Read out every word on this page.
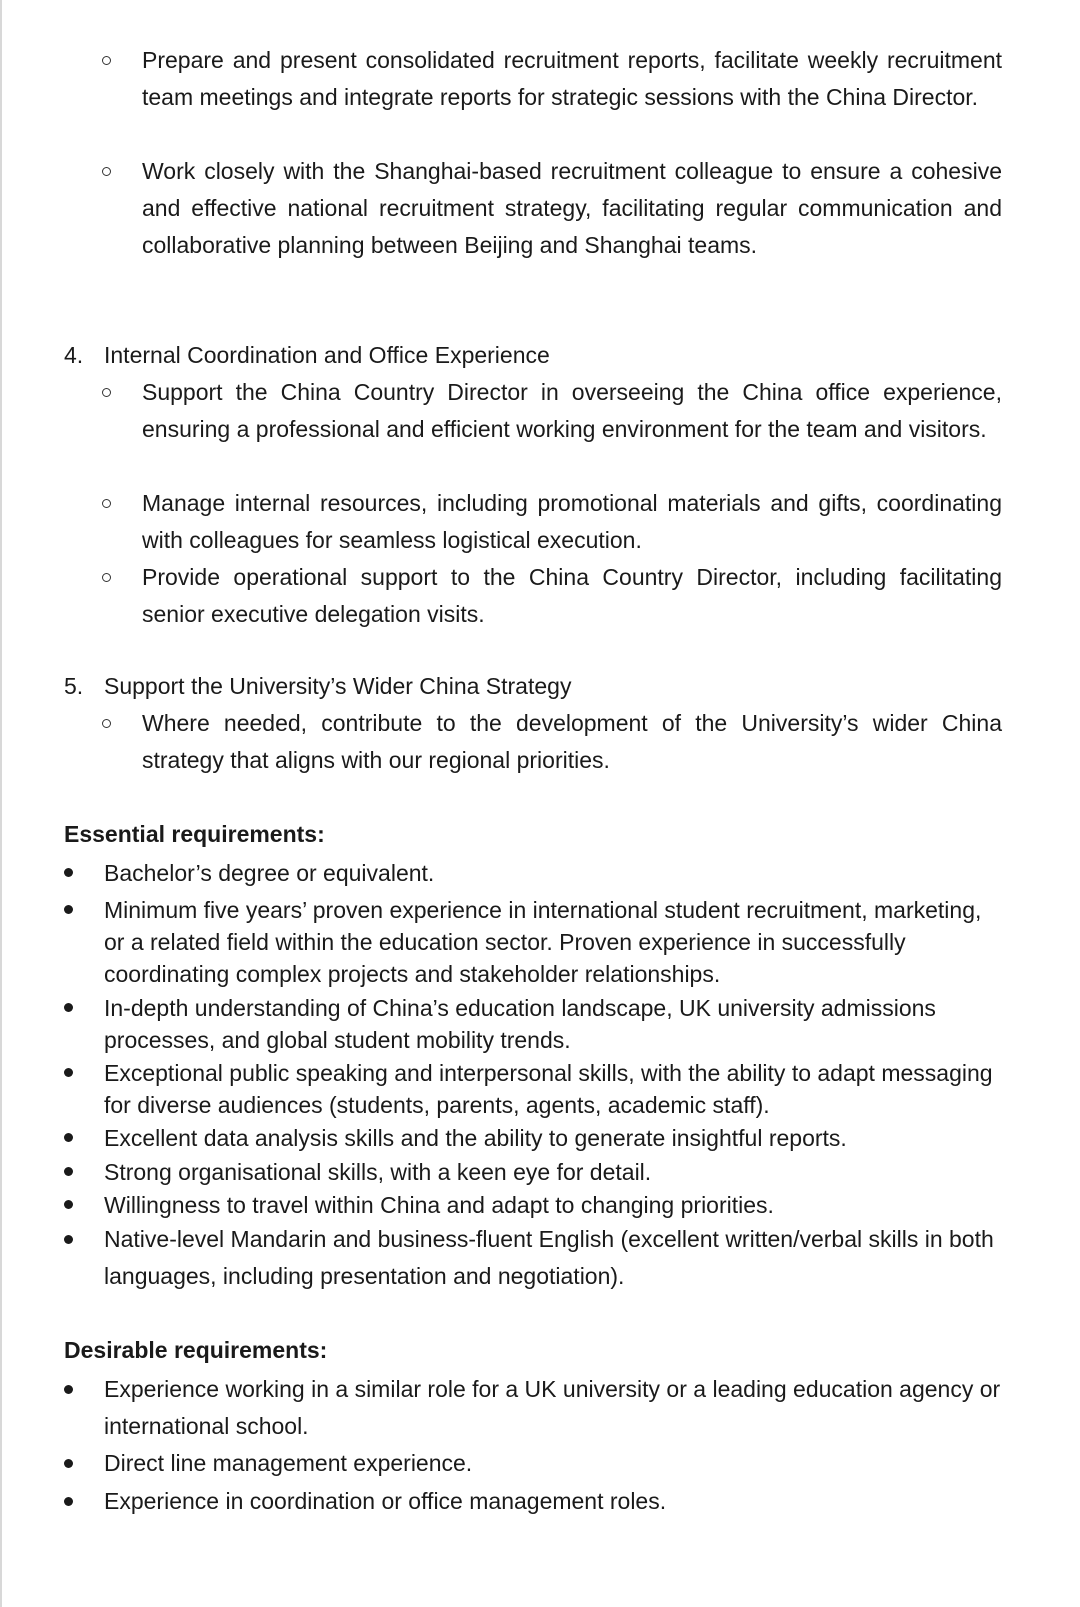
Prepare and present consolidated recruitment reports, facilitate weekly recruitment team meetings and integrate reports for strategic sessions with the China Director.
Work closely with the Shanghai-based recruitment colleague to ensure a cohesive and effective national recruitment strategy, facilitating regular communication and collaborative planning between Beijing and Shanghai teams.
4. Internal Coordination and Office Experience
Support the China Country Director in overseeing the China office experience, ensuring a professional and efficient working environment for the team and visitors.
Manage internal resources, including promotional materials and gifts, coordinating with colleagues for seamless logistical execution.
Provide operational support to the China Country Director, including facilitating senior executive delegation visits.
5. Support the University’s Wider China Strategy
Where needed, contribute to the development of the University’s wider China strategy that aligns with our regional priorities.
Essential requirements:
Bachelor’s degree or equivalent.
Minimum five years’ proven experience in international student recruitment, marketing, or a related field within the education sector. Proven experience in successfully coordinating complex projects and stakeholder relationships.
In-depth understanding of China’s education landscape, UK university admissions processes, and global student mobility trends.
Exceptional public speaking and interpersonal skills, with the ability to adapt messaging for diverse audiences (students, parents, agents, academic staff).
Excellent data analysis skills and the ability to generate insightful reports.
Strong organisational skills, with a keen eye for detail.
Willingness to travel within China and adapt to changing priorities.
Native-level Mandarin and business-fluent English (excellent written/verbal skills in both languages, including presentation and negotiation).
Desirable requirements:
Experience working in a similar role for a UK university or a leading education agency or international school.
Direct line management experience.
Experience in coordination or office management roles.
